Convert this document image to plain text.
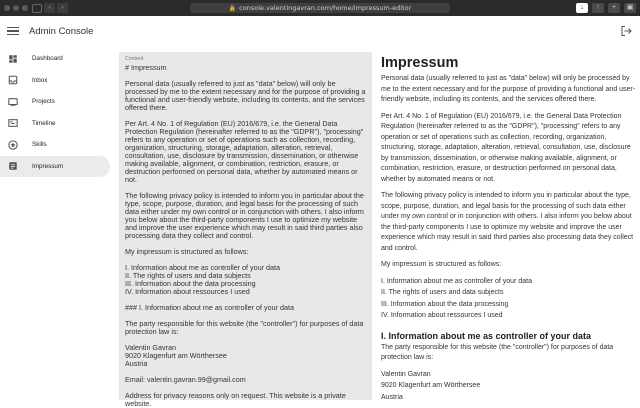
‹	›	🔒 console.valentingavran.com/home/impressum-editor	↓	↑	+	▣
Admin Console
Dashboard
Inbox
Projects
Timeline
Skills
Impressum
Content
# Impressum

Personal data (usually referred to just as "data" below) will only be processed by me to the extent necessary and for the purpose of providing a functional and user-friendly website, including its contents, and the services offered there.

Per Art. 4 No. 1 of Regulation (EU) 2016/679, i.e. the General Data Protection Regulation (hereinafter referred to as the "GDPR"), "processing" refers to any operation or set of operations such as collection, recording, organization, structuring, storage, adaptation, alteration, retrieval, consultation, use, disclosure by transmission, dissemination, or otherwise making available, alignment, or combination, restriction, erasure, or destruction performed on personal data, whether by automated means or not.

The following privacy policy is intended to inform you in particular about the type, scope, purpose, duration, and legal basis for the processing of such data either under my own control or in conjunction with others. I also inform you below about the third-party components I use to optimize my website and improve the user experience which may result in said third parties also processing data they collect and control.

My impressum is structured as follows:

I. Information about me as controller of your data
II. The rights of users and data subjects
III. Information about the data processing
IV. Information about ressources I used

### I. Information about me as controller of your data

The party responsible for this website (the "controller") for purposes of data protection law is:

Valentin Gavran
9020 Klagenfurt am Wörthersee
Austria

Email: valentin.gavran.99@gmail.com

Address for privacy reasons only on request. This website is a private website.
Impressum

Personal data (usually referred to just as "data" below) will only be processed by me to the extent necessary and for the purpose of providing a functional and user-friendly website, including its contents, and the services offered there.

Per Art. 4 No. 1 of Regulation (EU) 2016/679, i.e. the General Data Protection Regulation (hereinafter referred to as the "GDPR"), "processing" refers to any operation or set of operations such as collection, recording, organization, structuring, storage, adaptation, alteration, retrieval, consultation, use, disclosure by transmission, dissemination, or otherwise making available, alignment, or combination, restriction, erasure, or destruction performed on personal data, whether by automated means or not.

The following privacy policy is intended to inform you in particular about the type, scope, purpose, duration, and legal basis for the processing of such data either under my own control or in conjunction with others. I also inform you below about the third-party components I use to optimize my website and improve the user experience which may result in said third parties also processing data they collect and control.

My impressum is structured as follows:

I. Information about me as controller of your data

II. The rights of users and data subjects

III. Information about the data processing

IV. Information about ressources I used

I. Information about me as controller of your data

The party responsible for this website (the "controller") for purposes of data protection law is:

Valentin Gavran

9020 Klagenfurt am Wörthersee

Austria
